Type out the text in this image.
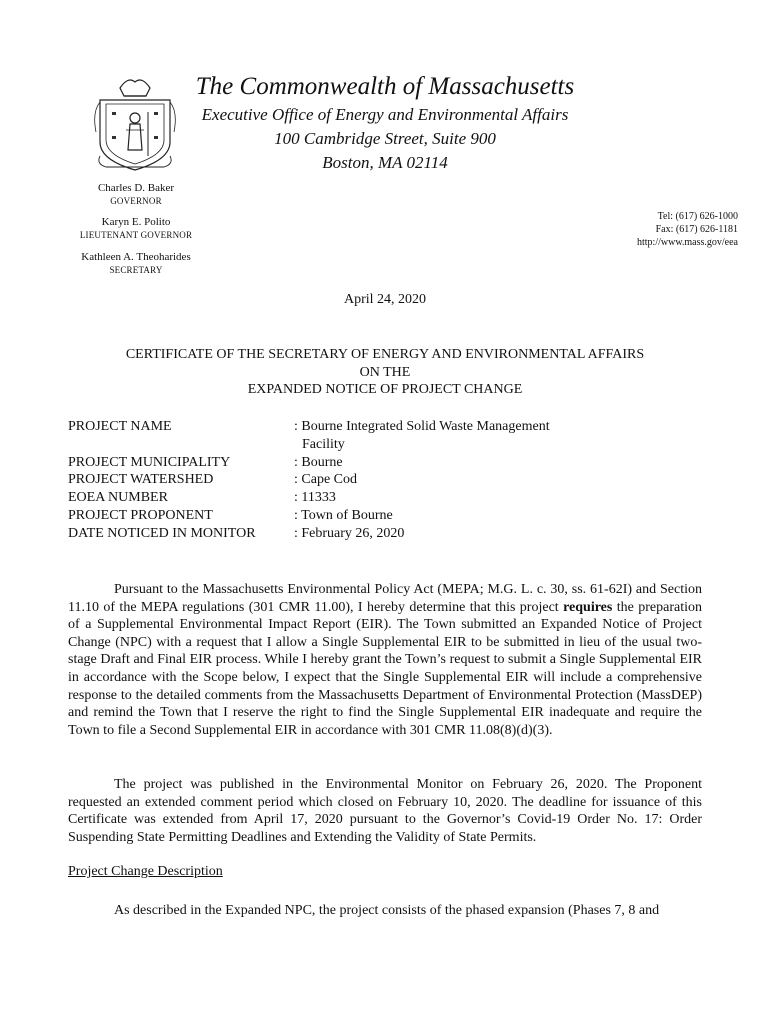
The Commonwealth of Massachusetts
Executive Office of Energy and Environmental Affairs
100 Cambridge Street, Suite 900
Boston, MA 02114
Charles D. Baker
GOVERNOR
Karyn E. Polito
LIEUTENANT GOVERNOR
Kathleen A. Theoharides
SECRETARY
Tel: (617) 626-1000
Fax: (617) 626-1181
http://www.mass.gov/eea
April 24, 2020
CERTIFICATE OF THE SECRETARY OF ENERGY AND ENVIRONMENTAL AFFAIRS
ON THE
EXPANDED NOTICE OF PROJECT CHANGE
PROJECT NAME	: Bourne Integrated Solid Waste Management
Facility
PROJECT MUNICIPALITY	: Bourne
PROJECT WATERSHED	: Cape Cod
EOEA NUMBER	: 11333
PROJECT PROPONENT	: Town of Bourne
DATE NOTICED IN MONITOR	: February 26, 2020
Pursuant to the Massachusetts Environmental Policy Act (MEPA; M.G. L. c. 30, ss. 61-62I) and Section 11.10 of the MEPA regulations (301 CMR 11.00), I hereby determine that this project requires the preparation of a Supplemental Environmental Impact Report (EIR). The Town submitted an Expanded Notice of Project Change (NPC) with a request that I allow a Single Supplemental EIR to be submitted in lieu of the usual two-stage Draft and Final EIR process. While I hereby grant the Town’s request to submit a Single Supplemental EIR in accordance with the Scope below, I expect that the Single Supplemental EIR will include a comprehensive response to the detailed comments from the Massachusetts Department of Environmental Protection (MassDEP) and remind the Town that I reserve the right to find the Single Supplemental EIR inadequate and require the Town to file a Second Supplemental EIR in accordance with 301 CMR 11.08(8)(d)(3).
The project was published in the Environmental Monitor on February 26, 2020. The Proponent requested an extended comment period which closed on February 10, 2020. The deadline for issuance of this Certificate was extended from April 17, 2020 pursuant to the Governor’s Covid-19 Order No. 17: Order Suspending State Permitting Deadlines and Extending the Validity of State Permits.
Project Change Description
As described in the Expanded NPC, the project consists of the phased expansion (Phases 7, 8 and
